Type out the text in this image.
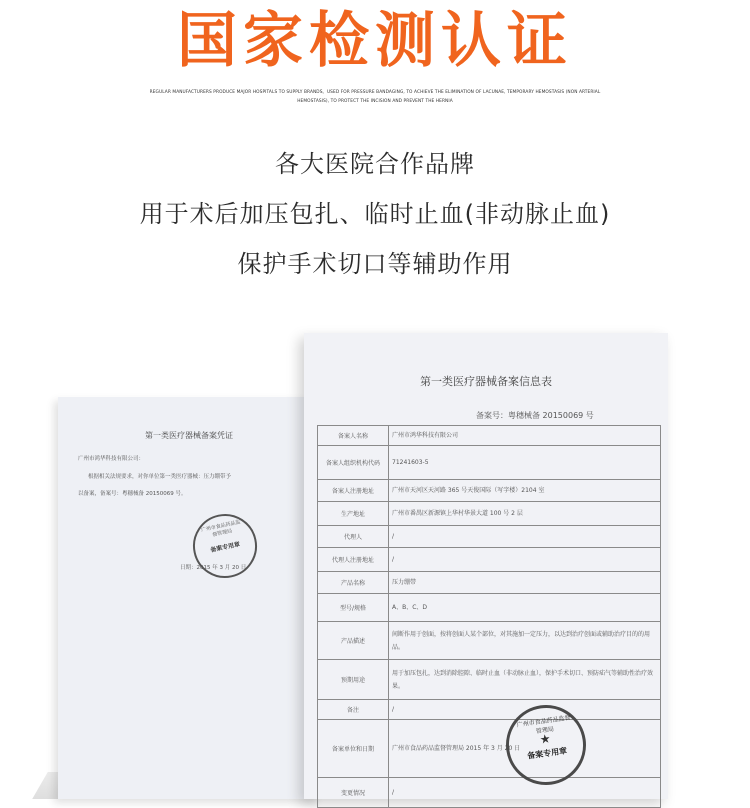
国家检测认证
REGULAR MANUFACTURERS PRODUCE MAJOR HOSPITALS TO SUPPLY BRANDS。USED FOR PRESSURE BANDAGING, TO ACHIEVE THE ELIMINATION OF LACUNAE, TEMPORARY HEMOSTASIS (NON ARTERIAL
HEMOSTASIS), TO PROTECT THE INCISION AND PREVENT THE HERNIA
各大医院合作品牌
用于术后加压包扎、临时止血(非动脉止血)
保护手术切口等辅助作用
第一类医疗器械备案凭证
广州市鸿华科技有限公司：
根据相关法规要求，对你单位第一类医疗器械：压力绷带予
以备案，备案号：粤穗械备 20150069 号。
广州市食品药品监督管理局
备案专用章
日期：2015 年 3 月 20 日
第一类医疗器械备案信息表
备案号：粤穗械备 20150069 号
备案人名称	广州市鸿华科技有限公司
备案人组织机构代码	71241603-5
备案人注册地址	广州市天河区天河路 365 号天俊国际（写字楼）2104 室
生产地址	广州市番禺区新源镇上华村华景大道 100 号 2 层
代理人	/
代理人注册地址	/
产品名称	压力绷带
型号/规格	A、B、C、D
产品描述	间断作用于创面，按将创面人某个部位，对其施加一定压力，以达到治疗创面或辅助治疗目的的用品。
预期用途	用于加压包扎，达到消除腔隙、临时止血（非动脉止血），保护手术切口、预防疝气等辅助性治疗效果。
备注	/
备案单位和日期	广州市食品药品监督管理局 2015 年 3 月 20 日
变更情况	/
广州市食品药品监督管理局
★
备案专用章
